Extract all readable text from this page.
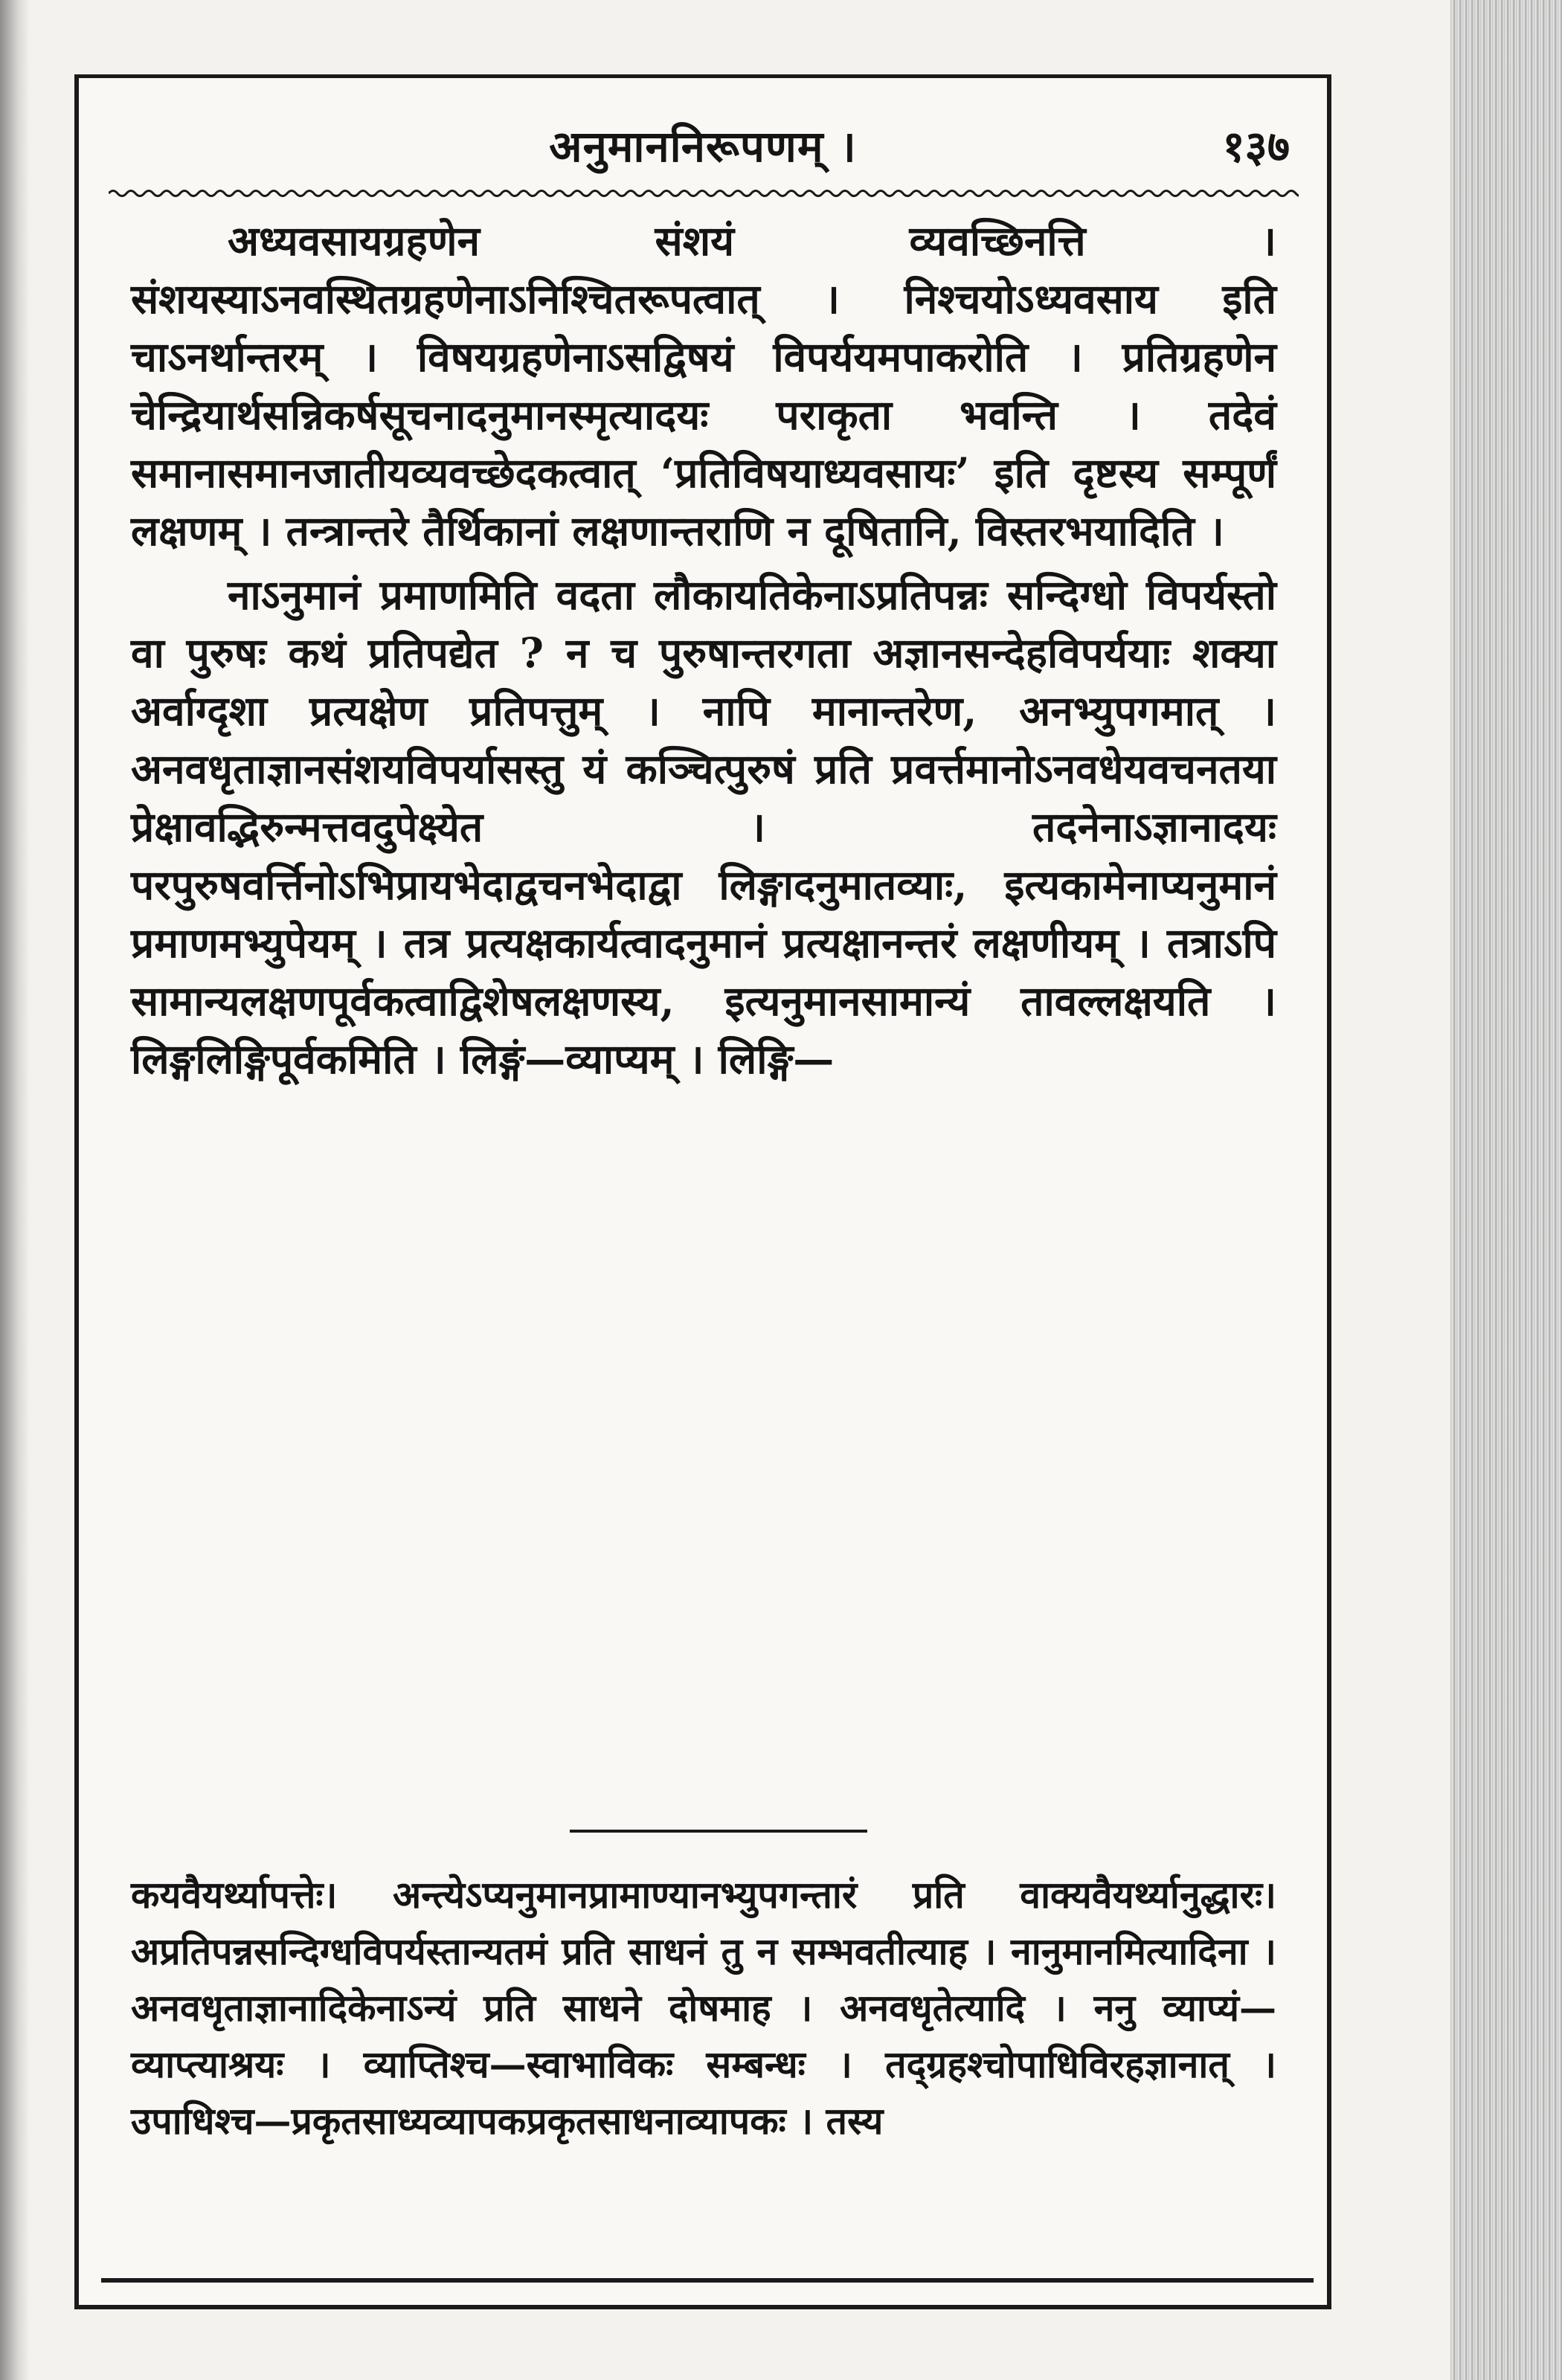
अनुमाननिरूपणम् ।	१३७

अध्यवसायग्रहणेन संशयं व्यवच्छिनत्ति । संशयस्याऽनवस्थितग्रहणेनाऽनिश्चितरूपत्वात् । निश्चयोऽध्यवसाय इति चाऽनर्थान्तरम् । विषयग्रहणेनाऽसद्विषयं विपर्ययमपाकरोति । प्रतिग्रहणेन चेन्द्रियार्थसन्निकर्षसूचनादनुमानस्मृत्यादयः पराकृता भवन्ति । तदेवं समानासमानजातीयव्यवच्छेदकत्वात् ‘प्रतिविषयाध्यवसायः’ इति दृष्टस्य सम्पूर्णं लक्षणम् । तन्त्रान्तरे तैर्थिकानां लक्षणान्तराणि न दूषितानि, विस्तरभयादिति ।

नाऽनुमानं प्रमाणमिति वदता लौकायतिकेनाऽप्रतिपन्नः सन्दिग्धो विपर्यस्तो वा पुरुषः कथं प्रतिपद्येत ? न च पुरुषान्तरगता अज्ञानसन्देहविपर्ययाः शक्या अर्वाग्दृशा प्रत्यक्षेण प्रतिपत्तुम् । नापि मानान्तरेण, अनभ्युपगमात् । अनवधृताज्ञानसंशयविपर्यासस्तु यं कञ्चित्पुरुषं प्रति प्रवर्त्तमानोऽनवधेयवचनतया प्रेक्षावद्भिरुन्मत्तवदुपेक्ष्येत । तदनेनाऽज्ञानादयः परपुरुषवर्त्तिनोऽभिप्रायभेदाद्वचनभेदाद्वा लिङ्गादनुमातव्याः, इत्यकामेनाप्यनुमानं प्रमाणमभ्युपेयम् । तत्र प्रत्यक्षकार्यत्वादनुमानं प्रत्यक्षानन्तरं लक्षणीयम् । तत्राऽपि सामान्यलक्षणपूर्वकत्वाद्विशेषलक्षणस्य, इत्यनुमानसामान्यं तावल्लक्षयति । लिङ्गलिङ्गिपूर्वकमिति । लिङ्गं—व्याप्यम् । लिङ्गि—

कयवैयर्थ्यापत्तेः। अन्त्येऽप्यनुमानप्रामाण्यानभ्युपगन्तारं प्रति वाक्यवैयर्थ्यानुद्धारः। अप्रतिपन्नसन्दिग्धविपर्यस्तान्यतमं प्रति साधनं तु न सम्भवतीत्याह । नानुमानमित्यादिना । अनवधृताज्ञानादिकेनाऽन्यं प्रति साधने दोषमाह । अनवधृतेत्यादि । ननु व्याप्यं—व्याप्त्याश्रयः । व्याप्तिश्च—स्वाभाविकः सम्बन्धः । तद्ग्रहश्चोपाधिविरहज्ञानात् । उपाधिश्च—प्रकृतसाध्यव्यापकप्रकृतसाधनाव्यापकः । तस्य
